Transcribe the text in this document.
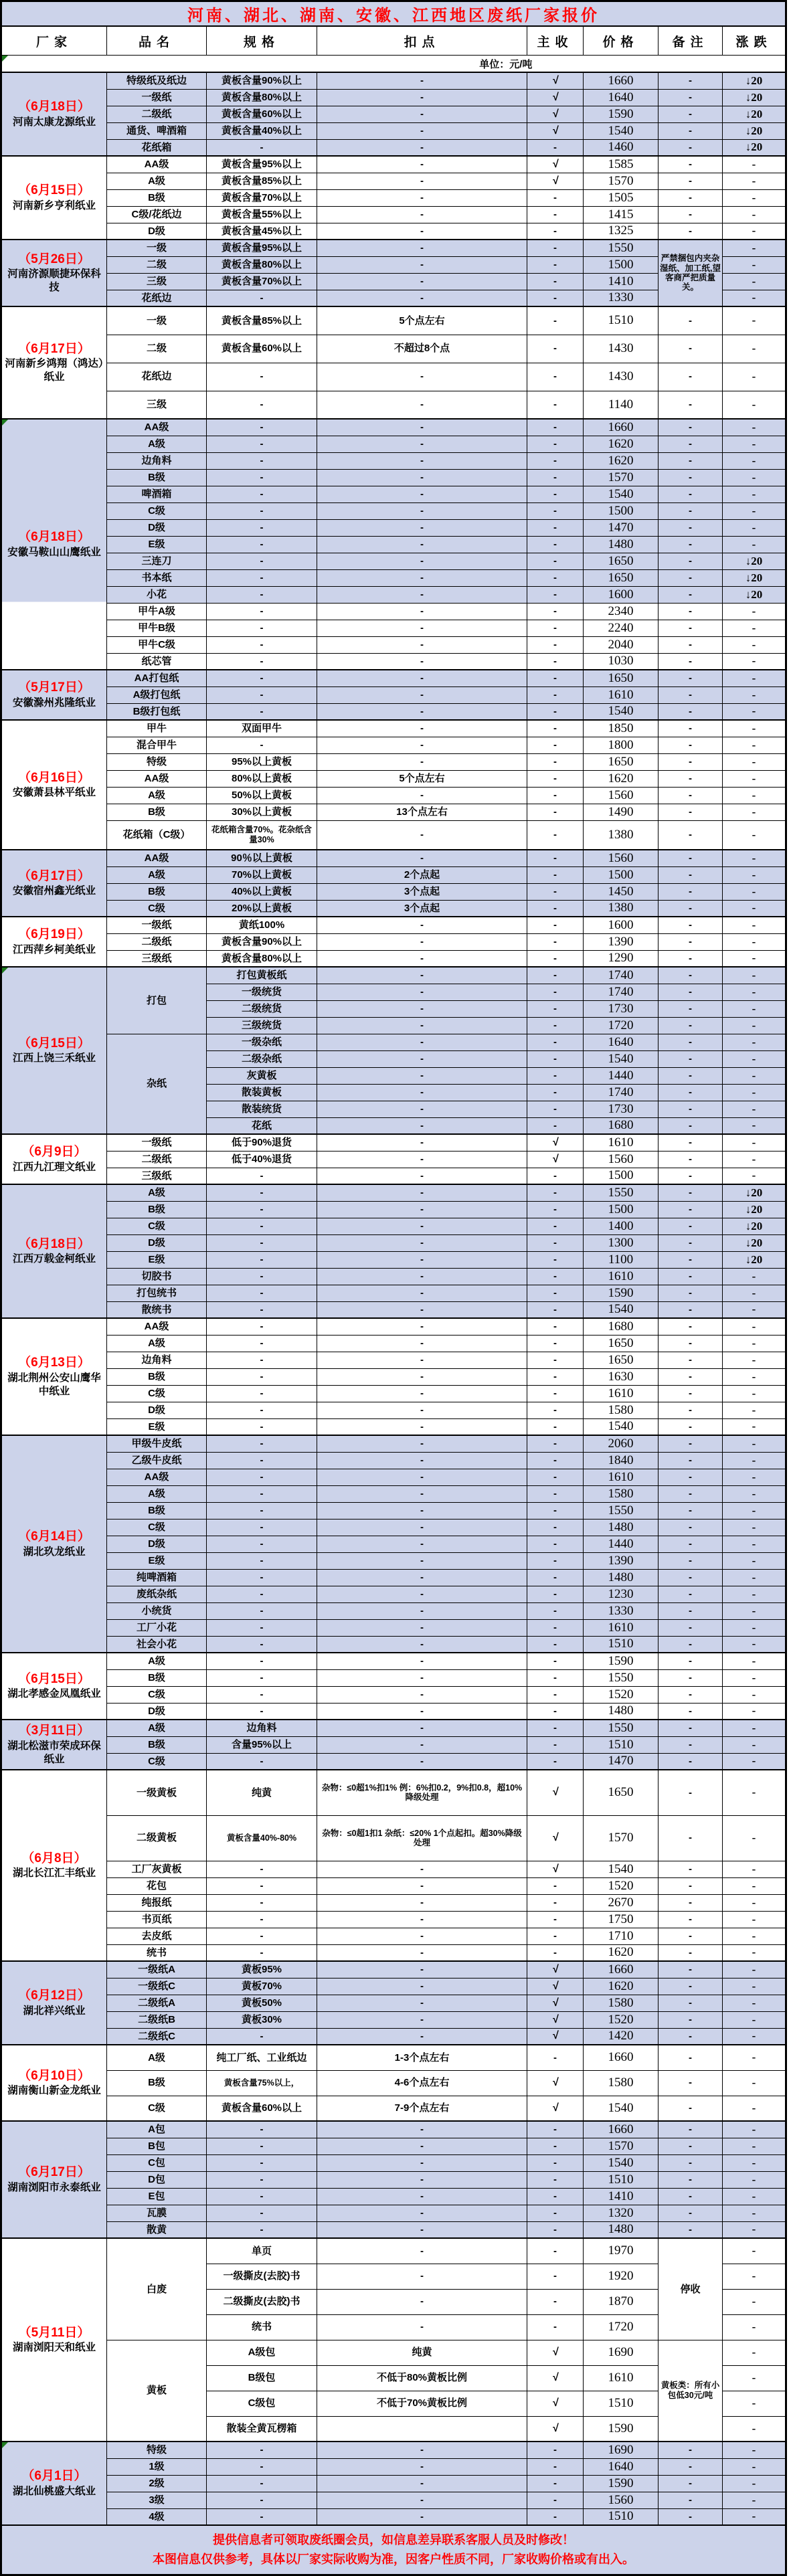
河南、湖北、湖南、安徽、江西地区废纸厂家报价							
厂家	品名	规格	扣点	主收	价格	备注	涨跌

单位：元/吨							

（6月18日）
河南太康龙源纸业	特级纸及纸边	黄板含量90%以上	-	√	1660	-	↓20
	一级纸	黄板含量80%以上	-	√	1640	-	↓20
	二级纸	黄板含量60%以上	-	√	1590	-	↓20
	通货、啤酒箱	黄板含量40%以上	-	√	1540	-	↓20
	花纸箱	-	-	-	1460	-	↓20

（6月15日）
河南新乡亨利纸业	AA级	黄板含量95%以上	-	√	1585	-	-
	A级	黄板含量85%以上	-	√	1570	-	-
	B级	黄板含量70%以上	-	-	1505	-	-
	C级/花纸边	黄板含量55%以上	-	-	1415	-	-
	D级	黄板含量45%以上	-	-	1325	-	-

（5月26日）
河南济源顺捷环保科技	一级	黄板含量95%以上	-	-	1550	严禁捆包内夹杂湿纸、加工纸,望客商严把质量关。	-
	二级	黄板含量80%以上	-	-	1500		-
	三级	黄板含量70%以上	-	-	1410		-
	花纸边	-	-	-	1330		-

（6月17日）
河南新乡鸿翔（鸿达）纸业	一级	黄板含量85%以上	5个点左右	-	1510	-	-
	二级	黄板含量60%以上	不超过8个点	-	1430	-	-
	花纸边	-	-	-	1430	-	-
	三级	-	-	-	1140	-	-

（6月18日）
安徽马鞍山山鹰纸业	AA级	-	-	-	1660	-	-
	A级	-	-	-	1620	-	-
	边角料	-	-	-	1620	-	-
	B级	-	-	-	1570	-	-
	啤酒箱	-	-	-	1540	-	-
	C级	-	-	-	1500	-	-
	D级	-	-	-	1470	-	-
	E级	-	-	-	1480	-	-
	三连刀	-	-	-	1650	-	↓20
	书本纸	-	-	-	1650	-	↓20
	小花	-	-	-	1600	-	↓20
	甲牛A级	-	-	-	2340	-	-
	甲牛B级	-	-	-	2240	-	-
	甲牛C级	-	-	-	2040	-	-
	纸芯管	-	-	-	1030	-	-

（5月17日）
安徽滁州兆隆纸业	AA打包纸	-	-	-	1650	-	-
	A级打包纸	-	-	-	1610	-	-
	B级打包纸	-	-	-	1540	-	-

（6月16日）
安徽萧县林平纸业	甲牛	双面甲牛	-	-	1850	-	-
	混合甲牛	-	-	-	1800	-	-
	特级	95%以上黄板	-	-	1650	-	-
	AA级	80%以上黄板	5个点左右	-	1620	-	-
	A级	50%以上黄板	-	-	1560	-	-
	B级	30%以上黄板	13个点左右	-	1490	-	-
	花纸箱（C级）	花纸箱含量70%。花杂纸含量30%	-	-	1380	-	-

（6月17日）
安徽宿州鑫光纸业	AA级	90％以上黄板	-	-	1560	-	-
	A级	70%以上黄板	2个点起	-	1500	-	-
	B级	40%以上黄板	3个点起	-	1450	-	-
	C级	20%以上黄板	3个点起	-	1380	-	-

（6月19日）
江西萍乡柯美纸业	一级纸	黄纸100%	-	-	1600	-	-
	二级纸	黄板含量90%以上	-	-	1390	-	-
	三级纸	黄板含量80%以上	-	-	1290	-	-

（6月15日）
江西上饶三禾纸业	打包	打包黄板纸	-	-	1740	-	-
		一级统货	-	-	1740	-	-
		二级统货	-	-	1730	-	-
		三级统货	-	-	1720	-	-
	杂纸	一级杂纸	-	-	1640	-	-
		二级杂纸	-	-	1540	-	-
		灰黄板	-	-	1440	-	-
		散装黄板	-	-	1740	-	-
		散装统货	-	-	1730	-	-
		花纸	-	-	1680	-	-

（6月9日）
江西九江理文纸业	一级纸	低于90%退货	-	√	1610	-	-
	二级纸	低于40%退货	-	√	1560	-	-
	三级纸	-	-	-	1500	-	-

（6月18日）
江西万载金柯纸业	A级	-	-	-	1550	-	↓20
	B级	-	-	-	1500	-	↓20
	C级	-	-	-	1400	-	↓20
	D级	-	-	-	1300	-	↓20
	E级	-	-	-	1100	-	↓20
	切胶书	-	-	-	1610	-	-
	打包统书	-	-	-	1590	-	-
	散统书	-	-	-	1540	-	-

（6月13日）
湖北荆州公安山鹰华中纸业	AA级	-	-	-	1680	-	-
	A级	-	-	-	1650	-	-
	边角料	-	-	-	1650	-	-
	B级	-	-	-	1630	-	-
	C级	-	-	-	1610	-	-
	D级	-	-	-	1580	-	-
	E级	-	-	-	1540	-	-

（6月14日）
湖北玖龙纸业	甲级牛皮纸	-	-	-	2060	-	-
	乙级牛皮纸	-	-	-	1840	-	-
	AA级	-	-	-	1610	-	-
	A级	-	-	-	1580	-	-
	B级	-	-	-	1550	-	-
	C级	-	-	-	1480	-	-
	D级	-	-	-	1440	-	-
	E级	-	-	-	1390	-	-
	纯啤酒箱	-	-	-	1480	-	-
	废纸杂纸	-	-	-	1230	-	-
	小统货	-	-	-	1330	-	-
	工厂小花	-	-	-	1610	-	-
	社会小花	-	-	-	1510	-	-

（6月15日）
湖北孝感金凤凰纸业	A级	-	-	-	1590	-	-
	B级	-	-	-	1550	-	-
	C级	-	-	-	1520	-	-
	D级	-	-	-	1480	-	-

（3月11日）
湖北松滋市荣成环保纸业	A级	边角料	-	-	1550	-	-
	B级	含量95%以上	-	-	1510	-	-
	C级	-	-	-	1470	-	-

（6月8日）
湖北长江汇丰纸业	一级黄板	纯黄	杂物：≤0超1%扣1% 例：6%扣0.2，9%扣0.8，超10% 降级处理	√	1650	-	-
	二级黄板	黄板含量40%-80%	杂物：≤0超1扣1 杂纸：≤20% 1个点起扣。超30%降级处理	√	1570	-	-
	工厂灰黄板	-	-	√	1540	-	-
	花包	-	-	-	1520	-	-
	纯报纸	-	-	-	2670	-	-
	书页纸	-	-	-	1750	-	-
	去皮纸	-	-	-	1710	-	-
	统书	-	-	-	1620	-	-

（6月12日）
湖北祥兴纸业	一级纸A	黄板95%	-	√	1660	-	-
	一级纸C	黄板70%	-	√	1620	-	-
	二级纸A	黄板50%	-	√	1580	-	-
	二级纸B	黄板30%	-	√	1520	-	-
	二级纸C	-	-	√	1420	-	-

（6月10日）
湖南衡山新金龙纸业	A级	纯工厂纸、工业纸边	1-3个点左右	-	1660	-	-
	B级	黄板含量75%以上，	4-6个点左右	√	1580	-	-
	C级	黄板含量60%以上	7-9个点左右	√	1540	-	-

（6月17日）
湖南浏阳市永泰纸业	A包	-	-	-	1660	-	-
	B包	-	-	-	1570	-	-
	C包	-	-	-	1540	-	-
	D包	-	-	-	1510	-	-
	E包	-	-	-	1410	-	-
	瓦膜	-	-	-	1320	-	-
	散黄	-	-	-	1480	-	-

（5月11日）
湖南浏阳天和纸业	白废	单页	-	-	1970	停收	-
		一级撕皮(去胶)书	-	-	1920		-
		二级撕皮(去胶)书	-	-	1870		-
		统书	-	-	1720		-
	黄板	A级包	纯黄	√	1690	黄板类：所有小包低30元/吨	-
		B级包	不低于80%黄板比例	√	1610		-
		C级包	不低于70%黄板比例	√	1510		-
		散装全黄瓦楞箱		√	1590		-

（6月1日）
湖北仙桃盛大纸业	特级	-	-	-	1690	-	-
	1级	-	-	-	1640	-	-
	2级	-	-	-	1590	-	-
	3级	-	-	-	1560	-	-
	4级	-	-	-	1510	-	-

提供信息者可领取废纸圈会员，如信息差异联系客服人员及时修改！
本图信息仅供参考，具体以厂家实际收购为准，因客户性质不同，厂家收购价格或有出入。							
